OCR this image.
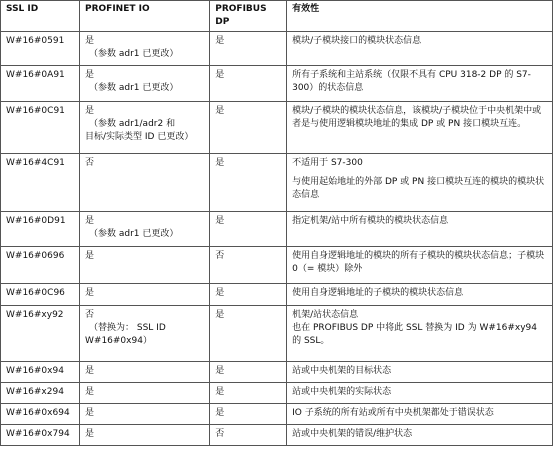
SSL ID	PROFINET IO	PROFIBUS DP	有效性
W#16#0591	是
（参数 adr1 已更改）	是	模块/子模块接口的模块状态信息

W#16#0A91	是
（参数 adr1 已更改）	是	所有子系统和主站系统（仅限不具有 CPU 318-2 DP 的 S7-300）的状态信息

W#16#0C91	是
（参数 adr1/adr2 和
目标/实际类型 ID 已更改）	是	模块/子模块的模块状态信息，该模块/子模块位于中央机架中或者是与使用逻辑模块地址的集成 DP 或 PN 接口模块互连。

W#16#4C91	否	是	不适用于 S7-300
与使用起始地址的外部 DP 或 PN 接口模块互连的模块的模块状态信息

W#16#0D91	是
（参数 adr1 已更改）	是	指定机架/站中所有模块的模块状态信息

W#16#0696	是	否	使用自身逻辑地址的模块的所有子模块的模块状态信息；子模块 0（= 模块）除外

W#16#0C96	是	是	使用自身逻辑地址的子模块的模块状态信息

W#16#xy92	否
（替换为： SSL ID
W#16#0x94）	是	机架/站状态信息
也在 PROFIBUS DP 中将此 SSL 替换为 ID 为 W#16#xy94 的 SSL。

W#16#0x94	是	是	站或中央机架的目标状态

W#16#x294	是	是	站或中央机架的实际状态

W#16#0x694	是	是	IO 子系统的所有站或所有中央机架都处于错误状态

W#16#0x794	是	否	站或中央机架的错误/维护状态
